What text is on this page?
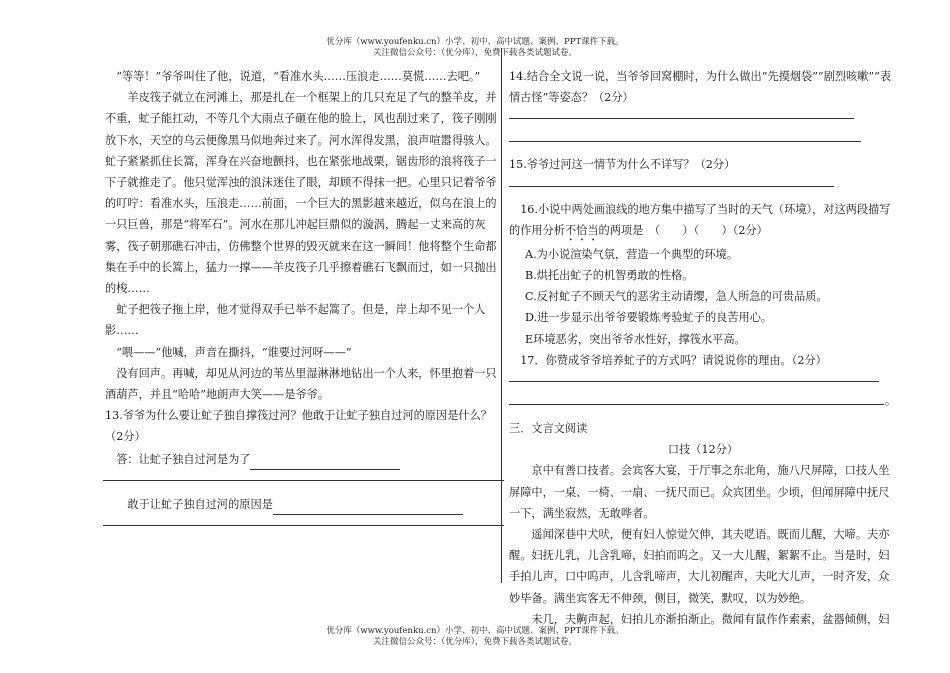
优分库（www.youfenku.cn）小学、初中、高中试题、案例、PPT课件下载。
关注微信公众号：（优分库），免费下载各类试题试卷。

“等等！”爷爷叫住了他，说道，“看准水头……压浪走……莫慌……去吧。”

羊皮筏子就立在河滩上，那是扎在一个框架上的几只充足了气的整羊皮，并不重，虻子能扛动，不等几个大雨点子砸在他的脸上，风也刮过来了，筏子刚刚放下水，天空的乌云便像黑马似地奔过来了。河水浑得发黑，浪声喧嚣得骇人。虻子紧紧抓住长篙，浑身在兴奋地颤抖，也在紧张地战栗，锯齿形的浪将筏子一下子就推走了。他只觉浑浊的浪沫迷住了眼，却顾不得抹一把。心里只记着爷爷的叮咛：看准水头，压浪走……前面，一个巨大的黑影越来越近，似乌在浪上的一只巨兽，那是“将军石”。河水在那儿冲起巨鼎似的漩涡，腾起一丈来高的灰雾，筏子朝那礁石冲击，仿佛整个世界的毁灭就来在这一瞬间！他将整个生命都集在手中的长篙上，猛力一撑——羊皮筏子几乎擦着礁石飞飘而过，如一只抛出的梭……

虻子把筏子拖上岸，他才觉得双手已举不起篙了。但是，岸上却不见一个人影……

“喂——”他喊，声音在撕抖，“谁要过河呀——”

没有回声。再喊，却见从河边的苇丛里湿淋淋地钻出一个人来，怀里抱着一只酒葫芦，并且“哈哈”地朗声大笑——是爷爷。

13.爷爷为什么要让虻子独自撑筏过河？他敢于让虻子独自过河的原因是什么？（2分）

答：让虻子独自过河是为了

敢于让虻子独自过河的原因是

14.结合全文说一说，当爷爷回窝棚时，为什么做出“先摸烟袋”“剧烈咳嗽”“表情古怪”等姿态？（2分）

15.爷爷过河这一情节为什么不详写？（2分）

16.小说中两处画浪线的地方集中描写了当时的天气（环境），对这两段描写的作用分析不恰当的两项是　（　　）（　　）（2分）

A.为小说渲染气氛，营造一个典型的环境。

B.烘托出虻子的机智勇敢的性格。

C.反衬虻子不顾天气的恶劣主动请缨，急人所急的可贵品质。

D.进一步显示出爷爷要锻炼考验虻子的良苦用心。

E环境恶劣，突出爷爷水性好，撑筏水平高。

17．你赞成爷爷培养虻子的方式吗？请说说你的理由。（2分）

。

三．文言文阅读

口技（12分）

京中有善口技者。会宾客大宴，于厅事之东北角，施八尺屏障，口技人坐屏障中，一桌、一椅、一扇、一抚尺而已。众宾团坐。少顷，但闻屏障中抚尺一下，满坐寂然，无敢哗者。

遥闻深巷中犬吠，便有妇人惊觉欠伸，其夫呓语。既而儿醒，大啼。夫亦醒。妇抚儿乳，儿含乳啼，妇拍而呜之。又一大儿醒，絮絮不止。当是时，妇手拍儿声，口中呜声，儿含乳啼声，大儿初醒声，夫叱大儿声，一时齐发，众妙毕备。满坐宾客无不伸颈，侧目，微笑，默叹，以为妙绝。

未几，夫齁声起，妇拍儿亦渐拍渐止。微闻有鼠作作索索，盆器倾侧，妇

优分库（www.youfenku.cn）小学、初中、高中试题、案例、PPT课件下载。
关注微信公众号：（优分库），免费下载各类试题试卷。
